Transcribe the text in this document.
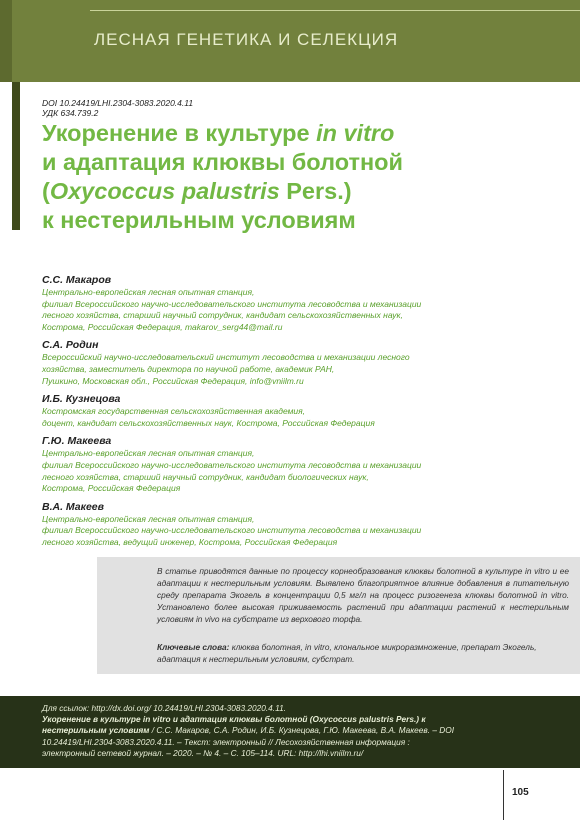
ЛЕСНАЯ ГЕНЕТИКА И СЕЛЕКЦИЯ
DOI 10.24419/LHI.2304-3083.2020.4.11
УДК 634.739.2
Укоренение в культуре in vitro
и адаптация клюквы болотной
(Oxycoccus palustris Pers.)
к нестерильным условиям
С.С. Макаров
Центрально-европейская лесная опытная станция,
филиал Всероссийского научно-исследовательского института лесоводства и механизации
лесного хозяйства, старший научный сотрудник, кандидат сельскохозяйственных наук,
Кострома, Российская Федерация, makarov_serg44@mail.ru
С.А. Родин
Всероссийский научно-исследовательский институт лесоводства и механизации лесного
хозяйства, заместитель директора по научной работе, академик РАН,
Пушкино, Московская обл., Российская Федерация, info@vniilm.ru
И.Б. Кузнецова
Костромская государственная сельскохозяйственная академия,
доцент, кандидат сельскохозяйственных наук, Кострома, Российская Федерация
Г.Ю. Макеева
Центрально-европейская лесная опытная станция,
филиал Всероссийского научно-исследовательского института лесоводства и механизации
лесного хозяйства, старший научный сотрудник, кандидат биологических наук,
Кострома, Российская Федерация
В.А. Макеев
Центрально-европейская лесная опытная станция,
филиал Всероссийского научно-исследовательского института лесоводства и механизации
лесного хозяйства, ведущий инженер, Кострома, Российская Федерация
В статье приводятся данные по процессу корнеобразования клюквы болотной в культуре in vitro и ее адаптации к нестерильным условиям. Выявлено благоприятное влияние добавления в питательную среду препарата Экогель в концентрации 0,5 мг/л на процесс ризогенеза клюквы болотной in vitro. Установлено более высокая приживаемость растений при адаптации растений к нестерильным условиям in vivo на субстрате из верхового торфа.
Ключевые слова: клюква болотная, in vitro, клональное микроразмножение, препарат Экогель, адаптация к нестерильным условиям, субстрат.
Для ссылок: http://dx.doi.org/ 10.24419/LHI.2304-3083.2020.4.11.
Укоренение в культуре in vitro и адаптация клюквы болотной (Oxycoccus palustris Pers.) к нестерильным условиям / С.С. Макаров, С.А. Родин, И.Б. Кузнецова, Г.Ю. Макеева, В.А. Макеев. – DOI 10.24419/LHI.2304-3083.2020.4.11. – Текст: электронный // Лесохозяйственная информация : электронный сетевой журнал. – 2020. – № 4. – С. 105–114. URL: http://lhi.vniilm.ru/
105
